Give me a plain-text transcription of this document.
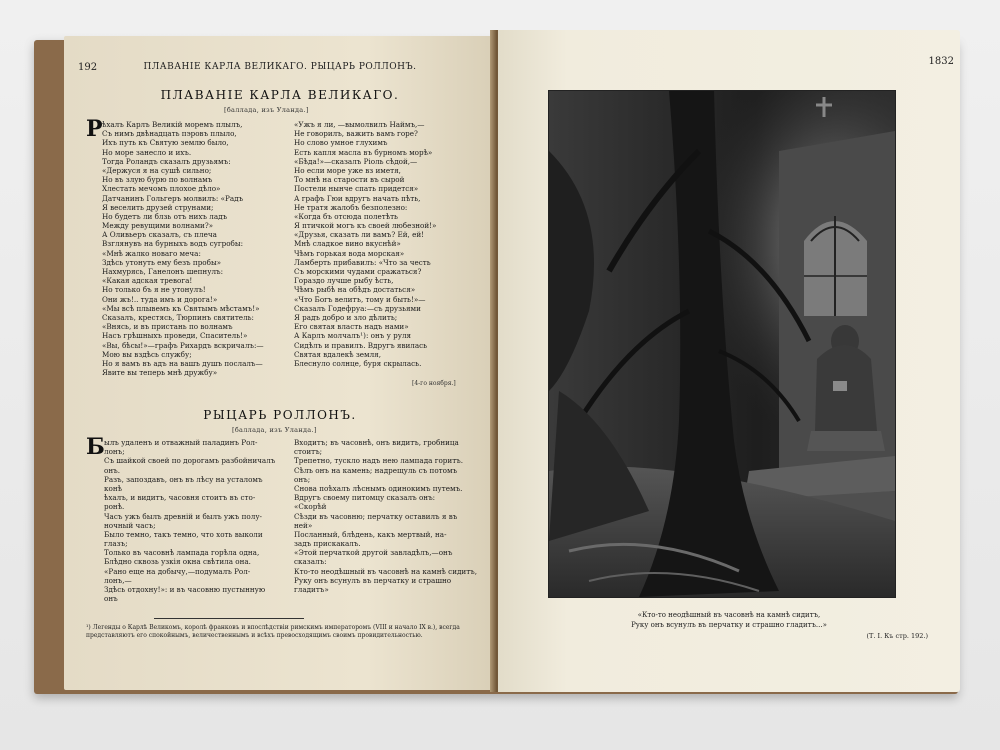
192	ПЛАВАНІЕ КАРЛА ВЕЛИКАГО. РЫЦАРЬ РОЛЛОНЪ.
ПЛАВАНІЕ КАРЛА ВЕЛИКАГО.
[баллада, изъ Уланда.]
Р ѣхалъ Карлъ Великій моремъ плылъ,
Съ нимъ двѣнадцать пэровъ плыло,
Ихъ путь къ Святую землю было,
Но море занесло и ихъ.
Тогда Роландъ сказалъ друзьямъ:
«Держуся я на сушѣ сильно;
Но въ злую бурю по волнамъ
Хлестать мечомъ плохое дѣло»
Датчанинъ Гольгеръ молвилъ: «Радъ
Я веселить друзей струнами;
Но будетъ ли блзь отъ нихъ ладъ
Между ревущими волнами?»
А Оливьеръ сказалъ, съ плеча
Взглянувъ на бурныхъ водъ сугробы:
«Мнѣ жалко новаго меча:
Здѣсь утонуть ему безъ пробы»
Нахмурясь, Ганелонъ шепнулъ:
«Какая адская тревога!
Но только бъ я не утонулъ!
Они жъ!.. туда имъ и дорога!»
«Мы всѣ плывемъ къ Святымъ мѣстамъ!»
Сказалъ, крестясь, Тюрпинъ святитель:
«Внясь, и въ пристань по волнамъ
Насъ грѣшныхъ проведи, Спаситель!»
«Вы, бѣсы!»—графъ Рихардъ вскричалъ:—
Мою вы вздѣсь службу;
Но я вамъ въ адъ на вашъ душъ послалъ—
Явите вы теперь мнѣ дружбу»
«Ужъ я ли, —вымолвилъ Наймъ,—
Не говорилъ, важить вамъ горе?
Но слово умное глухимъ
Есть капля масла въ бурномъ морѣ»
«Бѣда!»—сказалъ Ріоль сѣдой,—
Но если море уже вз иметя,
То мнѣ на старости въ сырой
Постели нынче спать придется»
А графъ Гюи вдругъ начать пѣть,
Не тратя жалобъ безполезно:
«Когда бъ отсюда полетѣть
Я птичкой могъ къ своей любезной!»
«Друзья, сказать ли вамъ? Ей, ей!
Мнѣ сладкое вино вкуснѣй»
Чѣмъ горькая вода морская»
Ламберть прибавилъ: «Что за честь
Съ морскими чудами сражаться?
Гораздо лучше рыбу ѣсть,
Чѣмъ рыбѣ на обѣдъ достаться»
«Что Богъ велитъ, тому и быть!»—
Сказалъ Годефруа:—съ друзьями
Я радъ добро и зло дѣлить;
Его святая власть надъ нами»
А Карлъ молчалъ¹): онъ у руля
Сидѣлъ и правилъ. Вдругъ явилась
Святая вдалекѣ земля,
Блеснуло солнце, буря скрылась.
[4-го ноября.]
РЫЦАРЬ РОЛЛОНЪ.
[баллада, изъ Уланда.]
Б ылъ удаленъ и отважный паладинъ Рол-
лонъ;
Съ шайкой своей по дорогамъ разбойничалъ
онъ.
Разъ, запоздавъ, онъ въ лѣсу на усталомъ
конѣ
ѣхалъ, и видитъ, часовня стоитъ въ сто-
ронѣ.
Часъ ужъ былъ древній и былъ ужъ полу-
ночный часъ;
Было темно, такъ темно, что хоть выколи
глазъ;
Только въ часовнѣ лампада горѣла одна,
Блѣдно сквозь узкія окна свѣтила она.
«Рано еще на добычу,—подумалъ Рол-
лонъ,—
Здѣсь отдохну!»: и въ часовню пустынную
онъ
Входитъ; въ часовнѣ, онъ видитъ, гробница
стоитъ;
Трепетно, тускло надъ нею лампада горитъ.
Сѣлъ онъ на камень; надрещуль съ потомъ
онъ;
Снова поѣхалъ лѣснымъ одинокимъ путемъ.
Вдругъ своему питомцу сказалъ онъ:
«Скорѣй
Сѣзди въ часовню; перчатку оставилъ я въ
ней»
Посланный, блѣдень, какъ мертвый, на-
задъ прискакалъ.
«Этой перчаткой другой завладѣлъ,—онъ
сказалъ:
Кто-то неодѣшный въ часовнѣ на камнѣ сидитъ,
Руку онъ всунулъ въ перчатку и страшно
гладитъ»
¹) Легенды о Карлѣ Великомъ, королѣ франковъ и впослѣдствіи римскимъ императоромъ (VIII и начало IX в.), всегда представляютъ его спокойнымъ, величественнымъ и всѣхъ превосходящимъ своимъ провидительностью.
1832
«Кто-то неодѣшный въ часовнѣ на камнѣ сидитъ,
Руку онъ всунулъ въ перчатку и страшно гладитъ...»
(Т. I. Къ стр. 192.)
